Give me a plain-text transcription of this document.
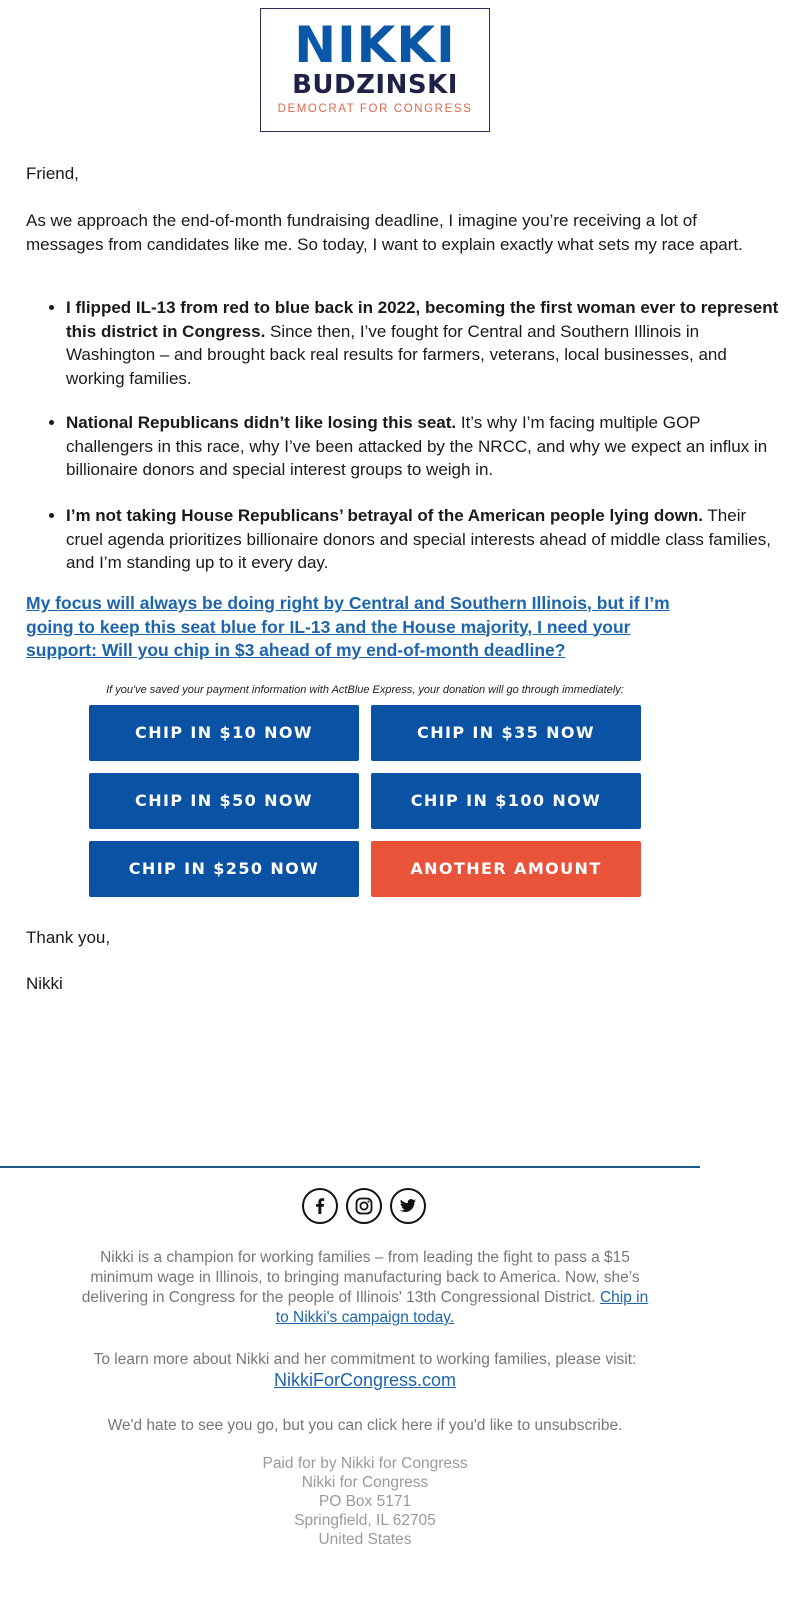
NIKKI
BUDZINSKI
DEMOCRAT FOR CONGRESS

Friend,

As we approach the end-of-month fundraising deadline, I imagine you’re receiving a lot of messages from candidates like me. So today, I want to explain exactly what sets my race apart.

• I flipped IL-13 from red to blue back in 2022, becoming the first woman ever to represent this district in Congress. Since then, I’ve fought for Central and Southern Illinois in Washington – and brought back real results for farmers, veterans, local businesses, and working families.
• National Republicans didn’t like losing this seat. It’s why I’m facing multiple GOP challengers in this race, why I’ve been attacked by the NRCC, and why we expect an influx in billionaire donors and special interest groups to weigh in.
• I’m not taking House Republicans’ betrayal of the American people lying down. Their cruel agenda prioritizes billionaire donors and special interests ahead of middle class families, and I’m standing up to it every day.
My focus will always be doing right by Central and Southern Illinois, but if I’m going to keep this seat blue for IL-13 and the House majority, I need your support: Will you chip in $3 ahead of my end-of-month deadline?
If you've saved your payment information with ActBlue Express, your donation will go through immediately:
CHIP IN $10 NOW	CHIP IN $35 NOW
CHIP IN $50 NOW	CHIP IN $100 NOW
CHIP IN $250 NOW	ANOTHER AMOUNT

Thank you,

Nikki

Nikki is a champion for working families – from leading the fight to pass a $15 minimum wage in Illinois, to bringing manufacturing back to America. Now, she’s delivering in Congress for the people of Illinois' 13th Congressional District. Chip in to Nikki's campaign today.

To learn more about Nikki and her commitment to working families, please visit:
NikkiForCongress.com

We'd hate to see you go, but you can click here if you'd like to unsubscribe.

Paid for by Nikki for Congress
Nikki for Congress
PO Box 5171
Springfield, IL 62705
United States
